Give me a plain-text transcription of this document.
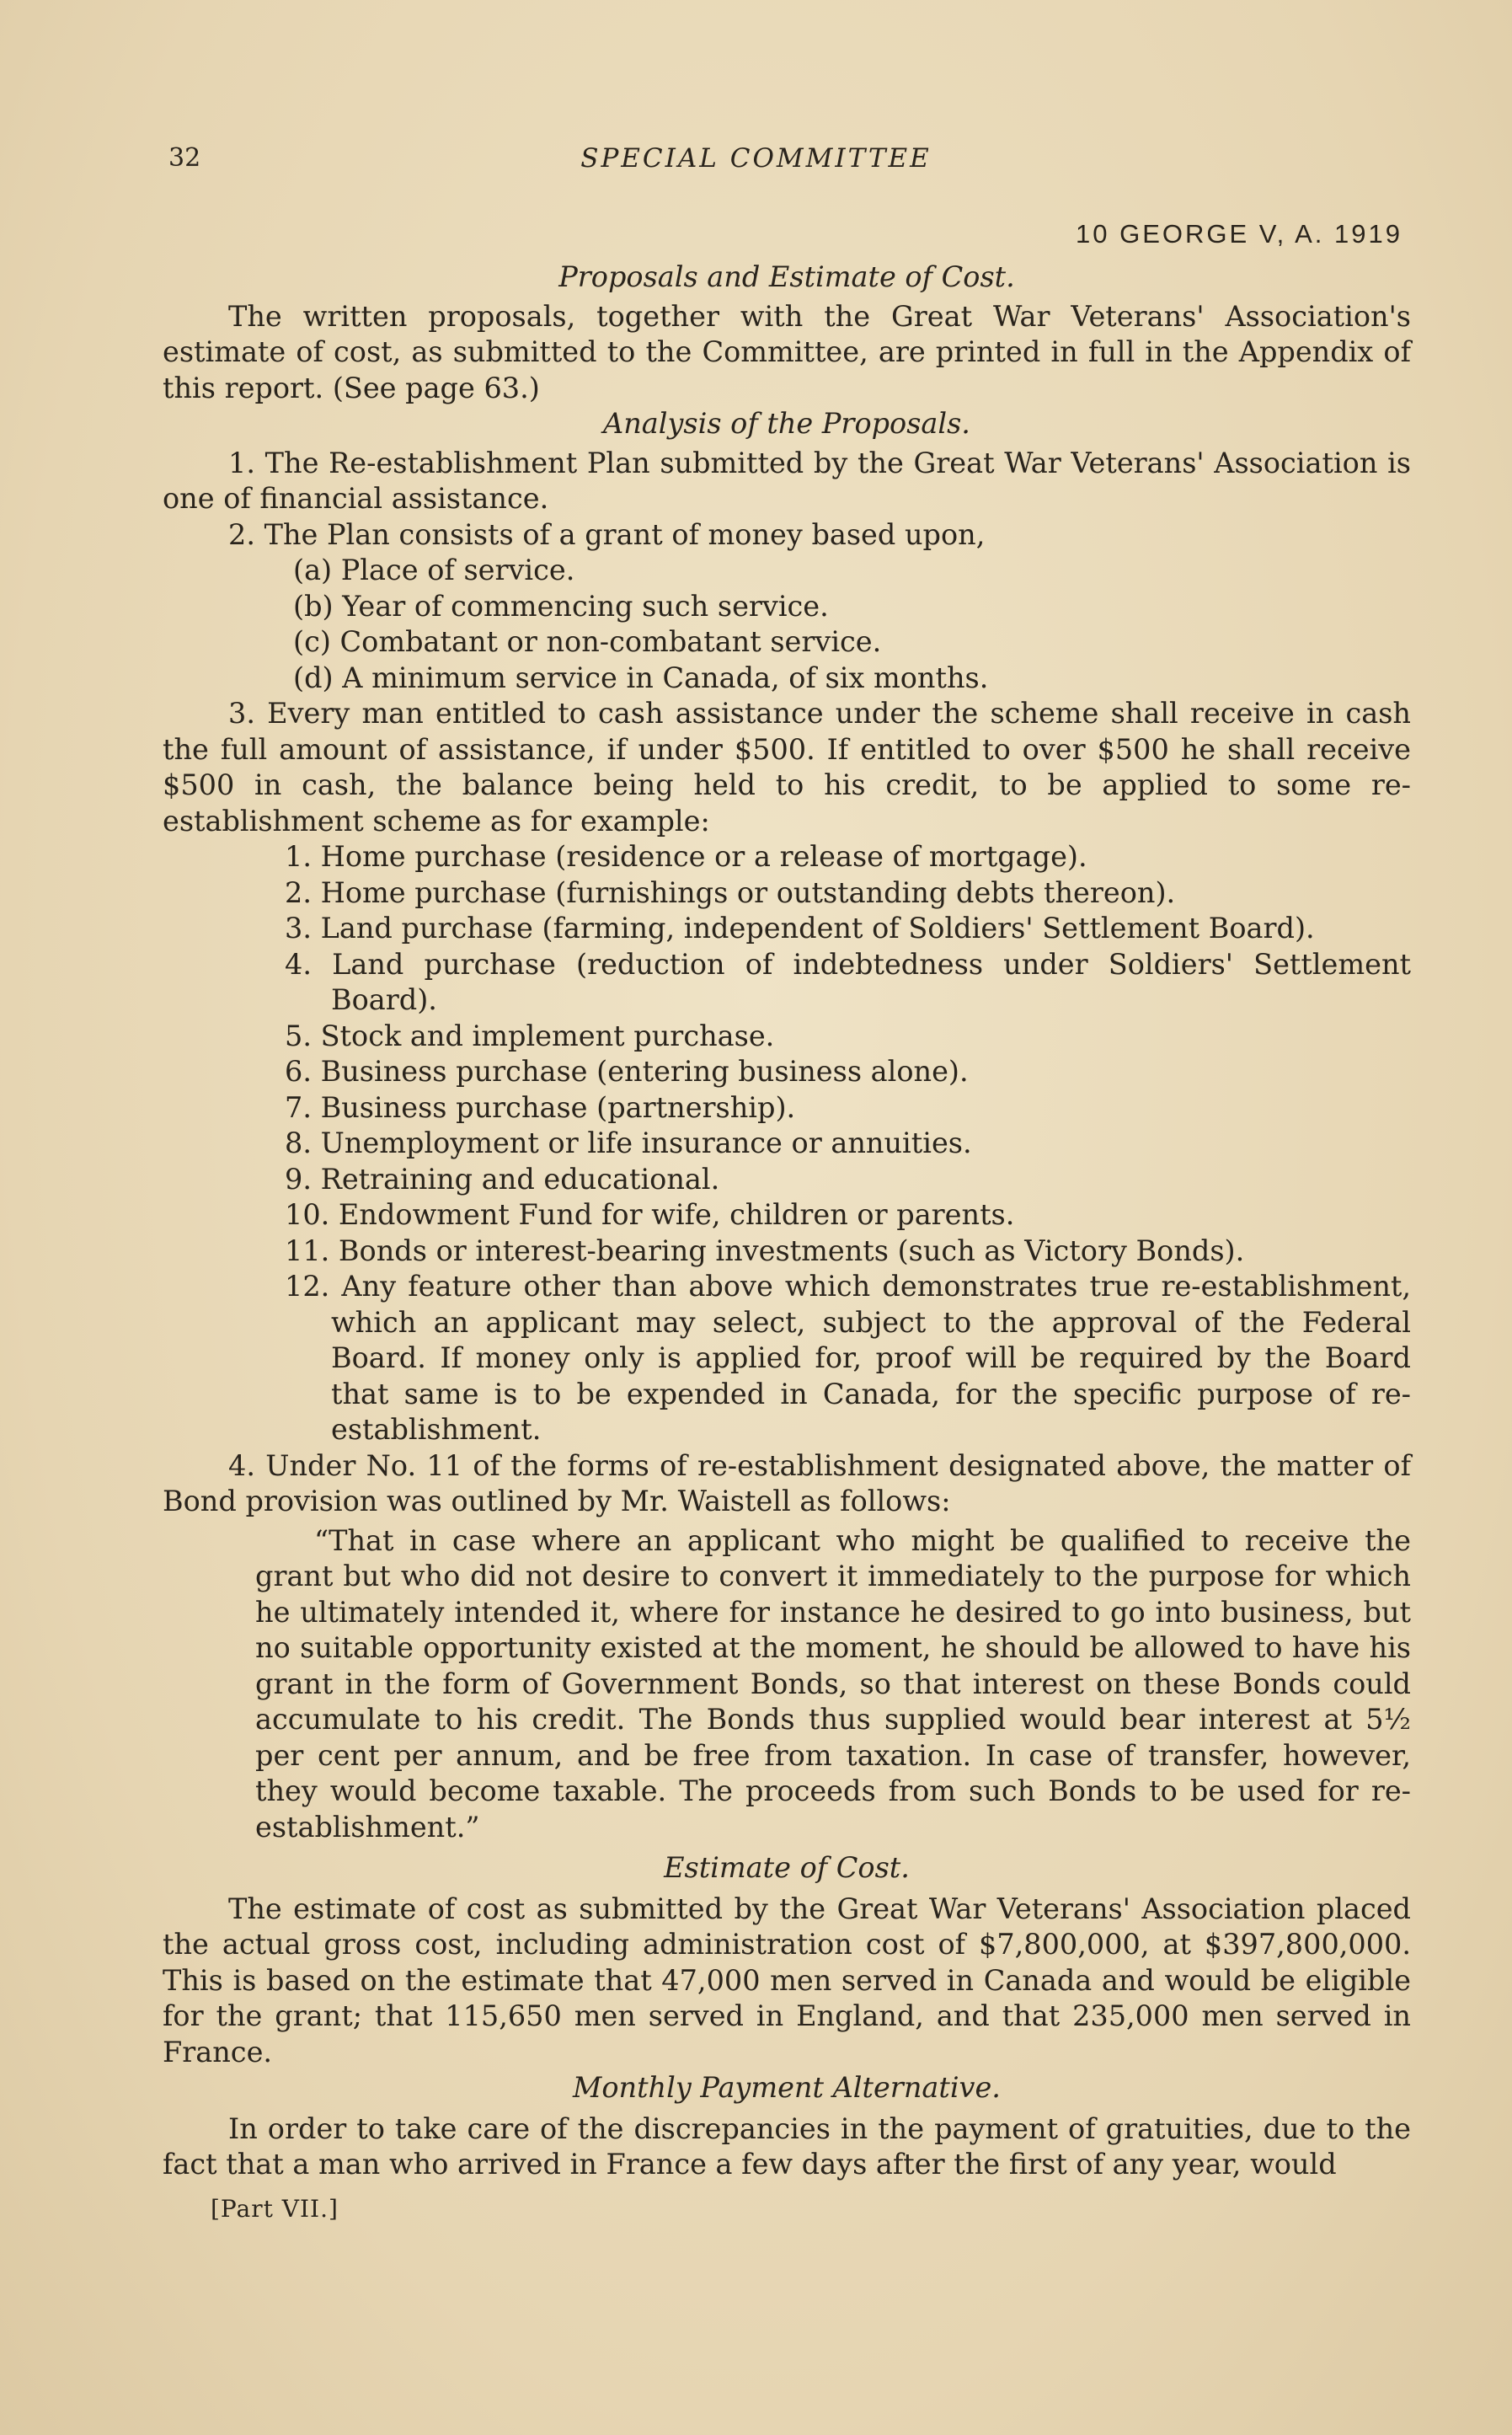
32	SPECIAL COMMITTEE
10 GEORGE V, A. 1919

Proposals and Estimate of Cost.

The written proposals, together with the Great War Veterans' Association's estimate of cost, as submitted to the Committee, are printed in full in the Appendix of this report. (See page 63.)

Analysis of the Proposals.

1. The Re-establishment Plan submitted by the Great War Veterans' Association is one of financial assistance.

2. The Plan consists of a grant of money based upon,

(a) Place of service.

(b) Year of commencing such service.

(c) Combatant or non-combatant service.

(d) A minimum service in Canada, of six months.

3. Every man entitled to cash assistance under the scheme shall receive in cash the full amount of assistance, if under $500. If entitled to over $500 he shall receive $500 in cash, the balance being held to his credit, to be applied to some re-establishment scheme as for example:

1. Home purchase (residence or a release of mortgage).

2. Home purchase (furnishings or outstanding debts thereon).

3. Land purchase (farming, independent of Soldiers' Settlement Board).

4. Land purchase (reduction of indebtedness under Soldiers' Settlement Board).

5. Stock and implement purchase.

6. Business purchase (entering business alone).

7. Business purchase (partnership).

8. Unemployment or life insurance or annuities.

9. Retraining and educational.

10. Endowment Fund for wife, children or parents.

11. Bonds or interest-bearing investments (such as Victory Bonds).

12. Any feature other than above which demonstrates true re-establishment, which an applicant may select, subject to the approval of the Federal Board. If money only is applied for, proof will be required by the Board that same is to be expended in Canada, for the specific purpose of re-establishment.

4. Under No. 11 of the forms of re-establishment designated above, the matter of Bond provision was outlined by Mr. Waistell as follows:

“That in case where an applicant who might be qualified to receive the grant but who did not desire to convert it immediately to the purpose for which he ultimately intended it, where for instance he desired to go into business, but no suitable opportunity existed at the moment, he should be allowed to have his grant in the form of Government Bonds, so that interest on these Bonds could accumulate to his credit. The Bonds thus supplied would bear interest at 5½ per cent per annum, and be free from taxation. In case of transfer, however, they would become taxable. The proceeds from such Bonds to be used for re-establishment.”

Estimate of Cost.

The estimate of cost as submitted by the Great War Veterans' Association placed the actual gross cost, including administration cost of $7,800,000, at $397,800,000. This is based on the estimate that 47,000 men served in Canada and would be eligible for the grant; that 115,650 men served in England, and that 235,000 men served in France.

Monthly Payment Alternative.

In order to take care of the discrepancies in the payment of gratuities, due to the fact that a man who arrived in France a few days after the first of any year, would

[Part VII.]
